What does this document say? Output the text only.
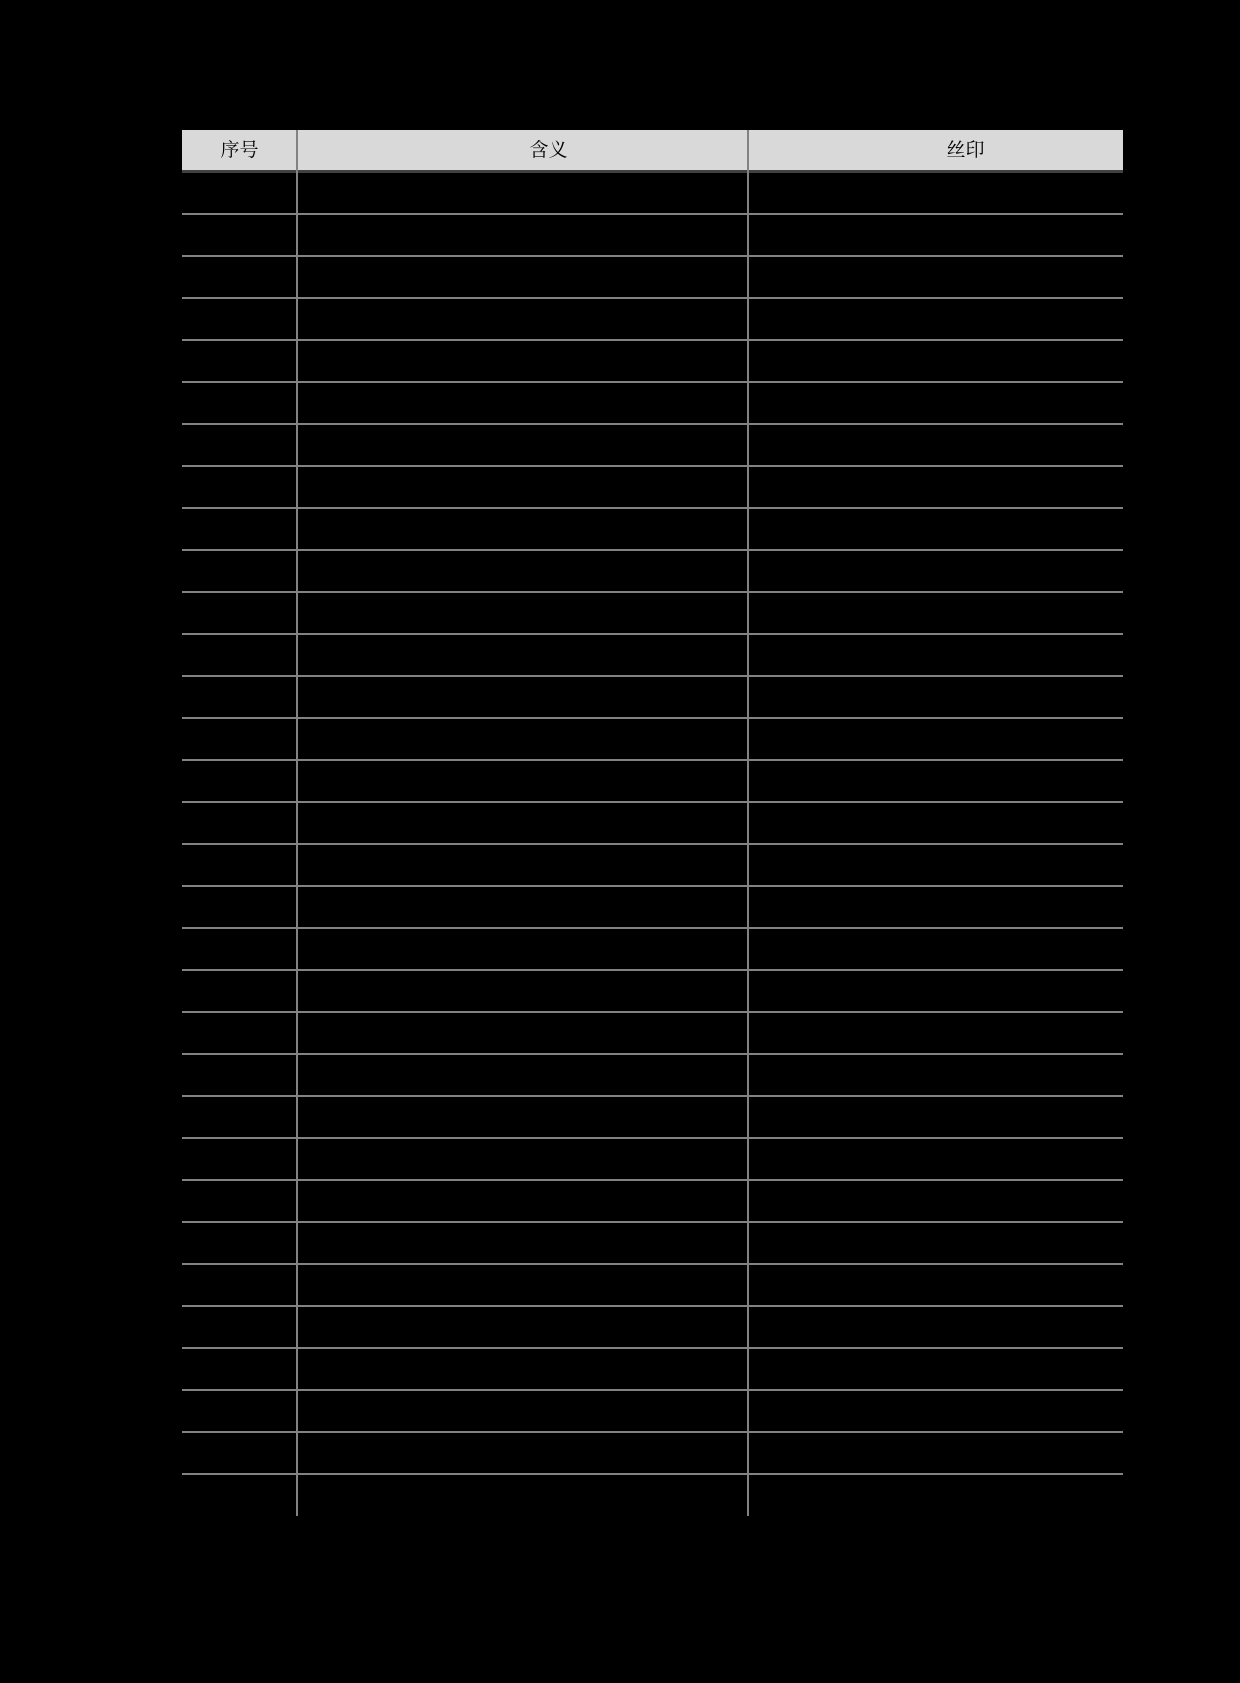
序号	含义	丝印
